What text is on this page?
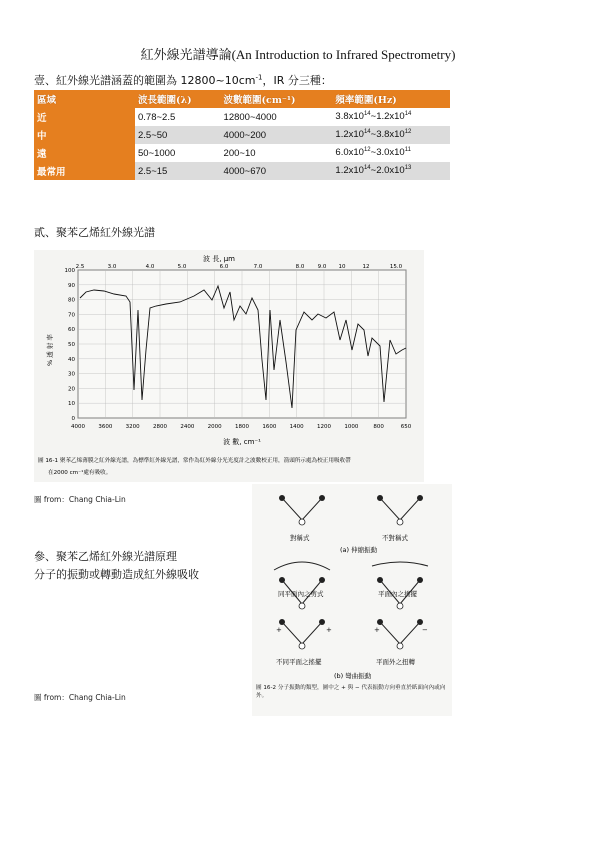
紅外線光譜導論(An Introduction to Infrared Spectrometry)
壹、紅外線光譜涵蓋的範圍為 $12800\sim 10cm^{-1}$，IR 分三種：
區域	波長範圍(λ)	波數範圍(cm⁻¹)	頻率範圍(Hz)
近	0.78~2.5	12800~4000	$3.8x10^{14}\sim 1.2x10^{14}$
中	2.5~50	4000~200	$1.2x10^{14}\sim 3.8x10^{12}$
遠	50~1000	200~10	$6.0x10^{12}\sim 3.0x10^{11}$
最常用	2.5~15	4000~670	$1.2x10^{14}\sim 2.0x10^{13}$
貳、聚苯乙烯紅外線光譜
波 長, μm
2.5	3.0	4.0	5.0	6.0	7.0	8.0 9.0 10	12	15.0
4000 3600 3200 2800 2400 2000 1800 1600 1400 1200 1000	800	650
100
90
80
70
60
50
40
30
20
10
0
% 透 射 率
波 數, cm⁻¹
圖 16-1 聚苯乙烯薄膜之紅外線光譜，為標準紅外線光譜，常作為紅外線分光光度計之波數校正用，箭頭所示處為校正用吸收帶
在2000 cm⁻¹處有吸收。
圖 from：Chang Chia-Lin
參、聚苯乙烯紅外線光譜原理
分子的振動或轉動造成紅外線吸收
+	+	+	−
對稱式	不對稱式
(a) 伸縮振動
同平面內之剪式	平面內之搖擺
不同平面之搖擺	平面外之扭轉
(b) 彎曲振動
圖 16-2 分子振動的類型，圖中之 + 與 − 代表振動方向垂直於紙面向內或向外。
圖 from：Chang Chia-Lin
